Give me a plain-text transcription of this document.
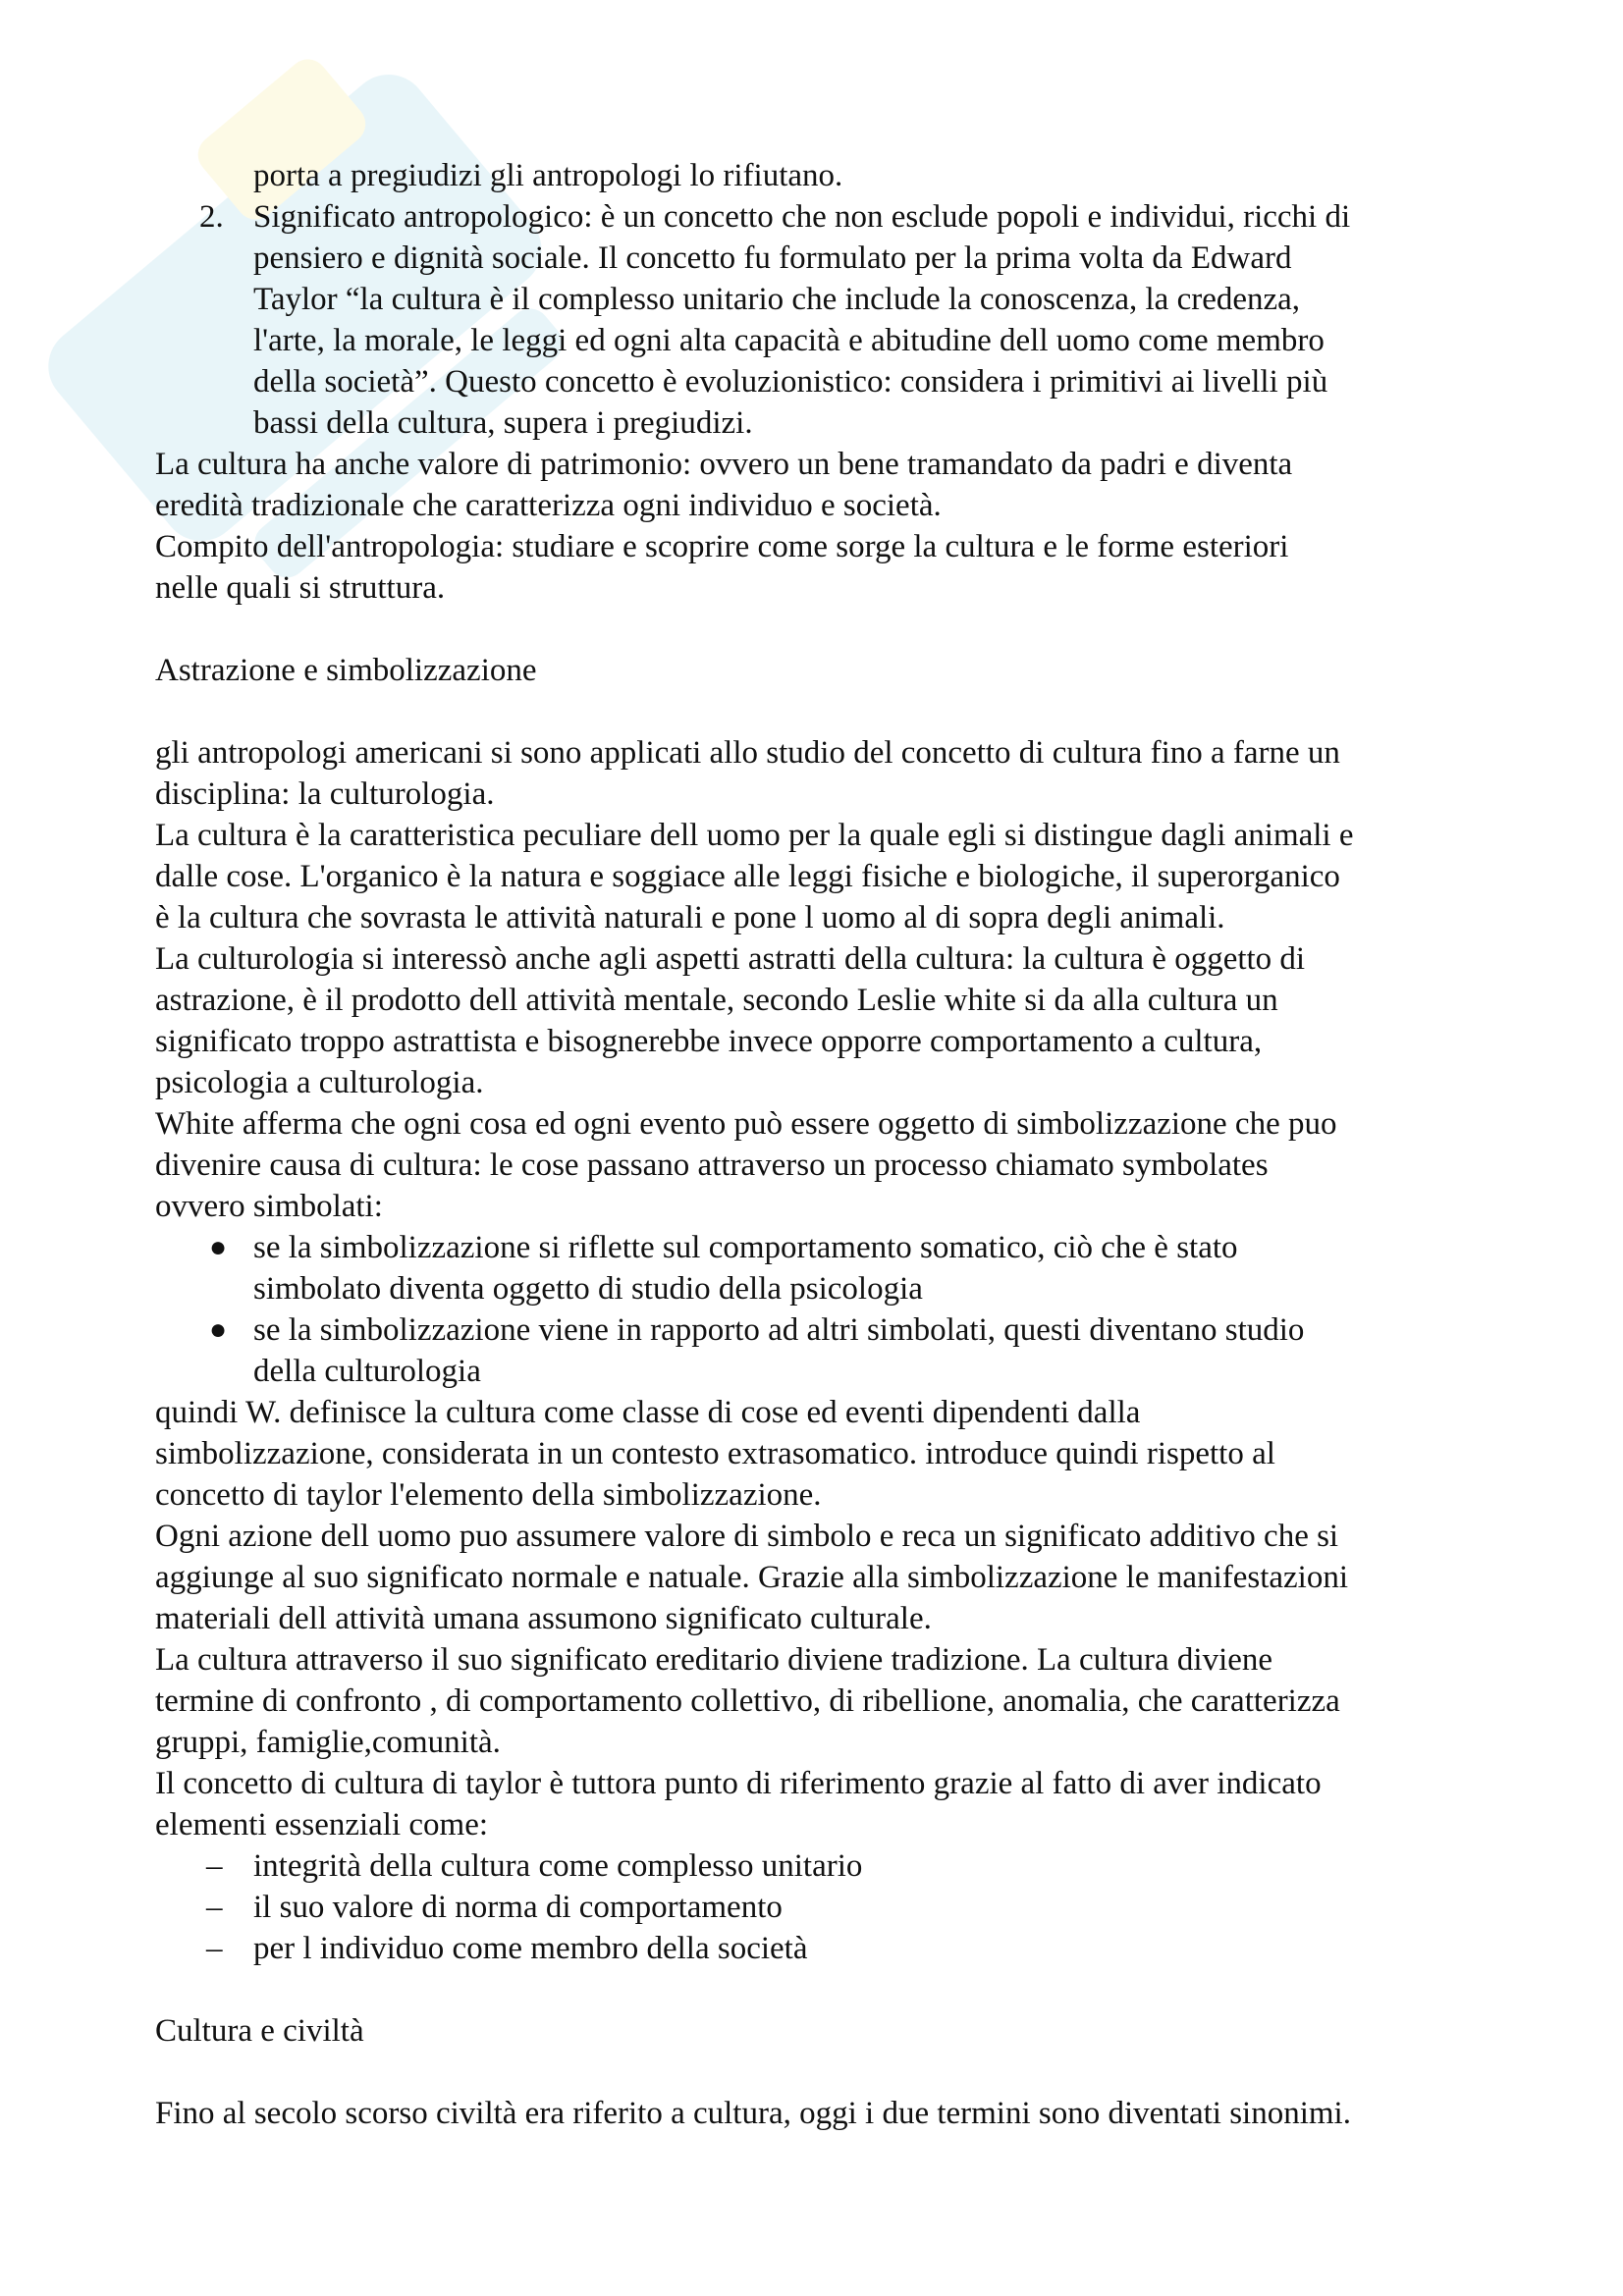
porta a pregiudizi gli antropologi lo rifiutano.
2. Significato antropologico: è un concetto che non esclude popoli e individui, ricchi di
pensiero e dignità sociale. Il concetto fu formulato per la prima volta da Edward
Taylor “la cultura è il complesso unitario che include la conoscenza, la credenza,
l'arte, la morale, le leggi ed ogni alta capacità e abitudine dell uomo come membro
della società”. Questo concetto è evoluzionistico: considera i primitivi ai livelli più
bassi della cultura, supera i pregiudizi.
La cultura ha anche valore di patrimonio: ovvero un bene tramandato da padri e diventa
eredità tradizionale che caratterizza ogni individuo e società.
Compito dell'antropologia: studiare e scoprire come sorge la cultura e le forme esteriori
nelle quali si struttura.
Astrazione e simbolizzazione
gli antropologi americani si sono applicati allo studio del concetto di cultura fino a farne un
disciplina: la culturologia.
La cultura è la caratteristica peculiare dell uomo per la quale egli si distingue dagli animali e
dalle cose. L'organico è la natura e soggiace alle leggi fisiche e biologiche, il superorganico
è la cultura che sovrasta le attività naturali e pone l uomo al di sopra degli animali.
La culturologia si interessò anche agli aspetti astratti della cultura: la cultura è oggetto di
astrazione, è il prodotto dell attività mentale, secondo Leslie white si da alla cultura un
significato troppo astrattista e bisognerebbe invece opporre comportamento a cultura,
psicologia a culturologia.
White afferma che ogni cosa ed ogni evento può essere oggetto di simbolizzazione che puo
divenire causa di cultura: le cose passano attraverso un processo chiamato symbolates
ovvero simbolati:
● se la simbolizzazione si riflette sul comportamento somatico, ciò che è stato
simbolato diventa oggetto di studio della psicologia
● se la simbolizzazione viene in rapporto ad altri simbolati, questi diventano studio
della culturologia
quindi W. definisce la cultura come classe di cose ed eventi dipendenti dalla
simbolizzazione, considerata in un contesto extrasomatico. introduce quindi rispetto al
concetto di taylor l'elemento della simbolizzazione.
Ogni azione dell uomo puo assumere valore di simbolo e reca un significato additivo che si
aggiunge al suo significato normale e natuale. Grazie alla simbolizzazione le manifestazioni
materiali dell attività umana assumono significato culturale.
La cultura attraverso il suo significato ereditario diviene tradizione. La cultura diviene
termine di confronto , di comportamento collettivo, di ribellione, anomalia, che caratterizza
gruppi, famiglie,comunità.
Il concetto di cultura di taylor è tuttora punto di riferimento grazie al fatto di aver indicato
elementi essenziali come:
– integrità della cultura come complesso unitario
– il suo valore di norma di comportamento
– per l individuo come membro della società
Cultura e civiltà
Fino al secolo scorso civiltà era riferito a cultura, oggi i due termini sono diventati sinonimi.
